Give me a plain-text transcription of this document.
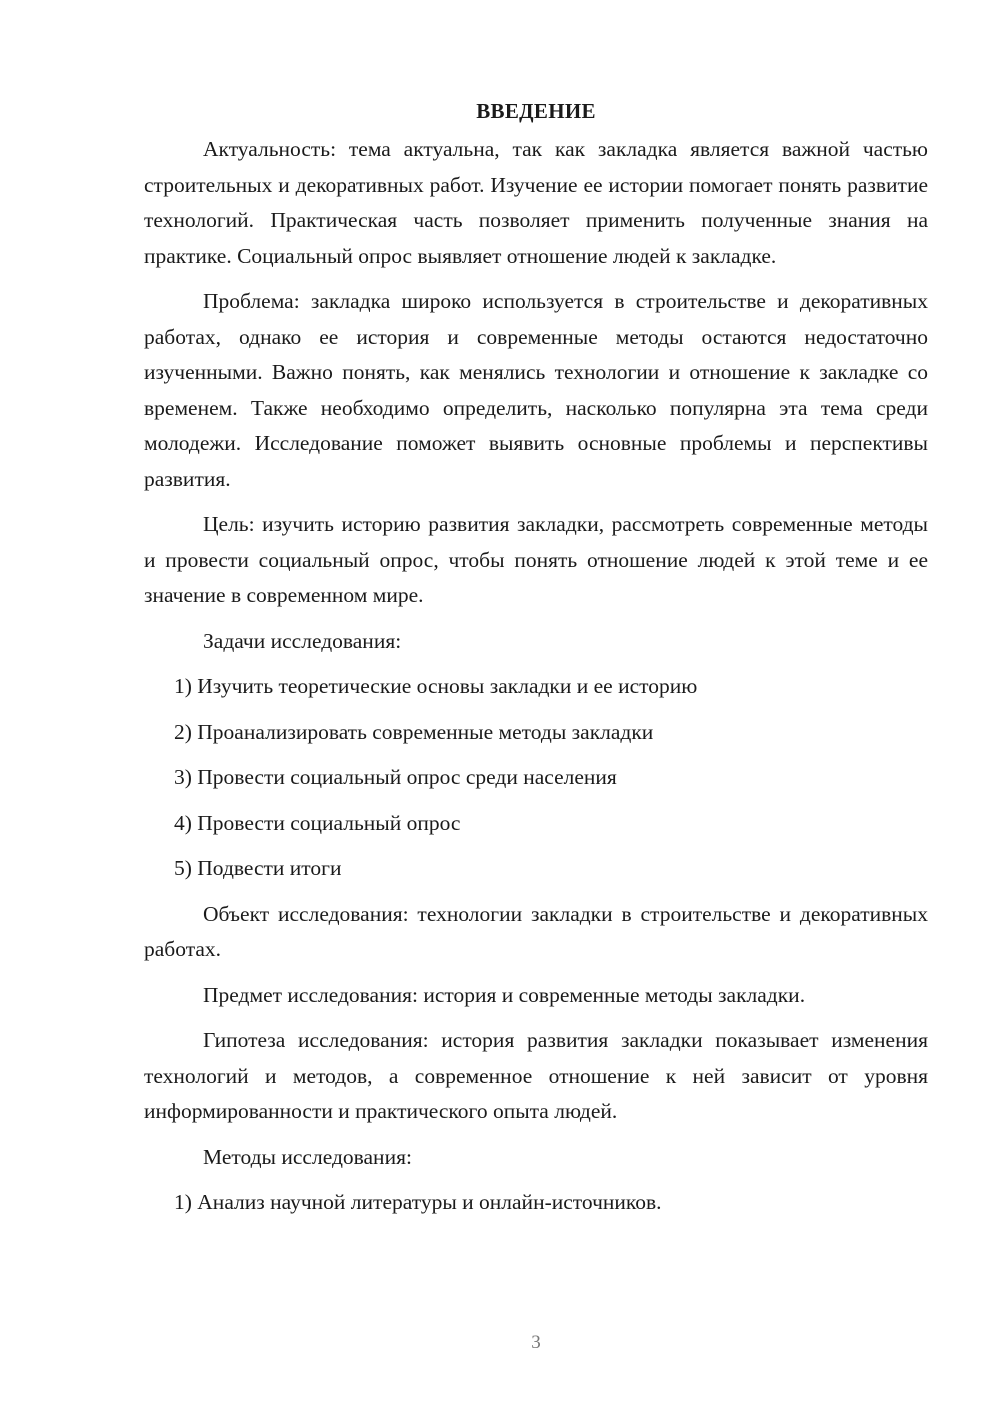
ВВЕДЕНИЕ

Актуальность: тема актуальна, так как закладка является важной частью строительных и декоративных работ. Изучение ее истории помогает понять развитие технологий. Практическая часть позволяет применить полученные знания на практике. Социальный опрос выявляет отношение людей к закладке.

Проблема: закладка широко используется в строительстве и декоративных работах, однако ее история и современные методы остаются недостаточно изученными. Важно понять, как менялись технологии и отношение к закладке со временем. Также необходимо определить, насколько популярна эта тема среди молодежи. Исследование поможет выявить основные проблемы и перспективы развития.

Цель: изучить историю развития закладки, рассмотреть современные методы и провести социальный опрос, чтобы понять отношение людей к этой теме и ее значение в современном мире.

Задачи исследования:

1) Изучить теоретические основы закладки и ее историю

2) Проанализировать современные методы закладки

3) Провести социальный опрос среди населения

4) Провести социальный опрос

5) Подвести итоги

Объект исследования: технологии закладки в строительстве и декоративных работах.

Предмет исследования: история и современные методы закладки.

Гипотеза исследования: история развития закладки показывает изменения технологий и методов, а современное отношение к ней зависит от уровня информированности и практического опыта людей.

Методы исследования:

1) Анализ научной литературы и онлайн-источников.

3
